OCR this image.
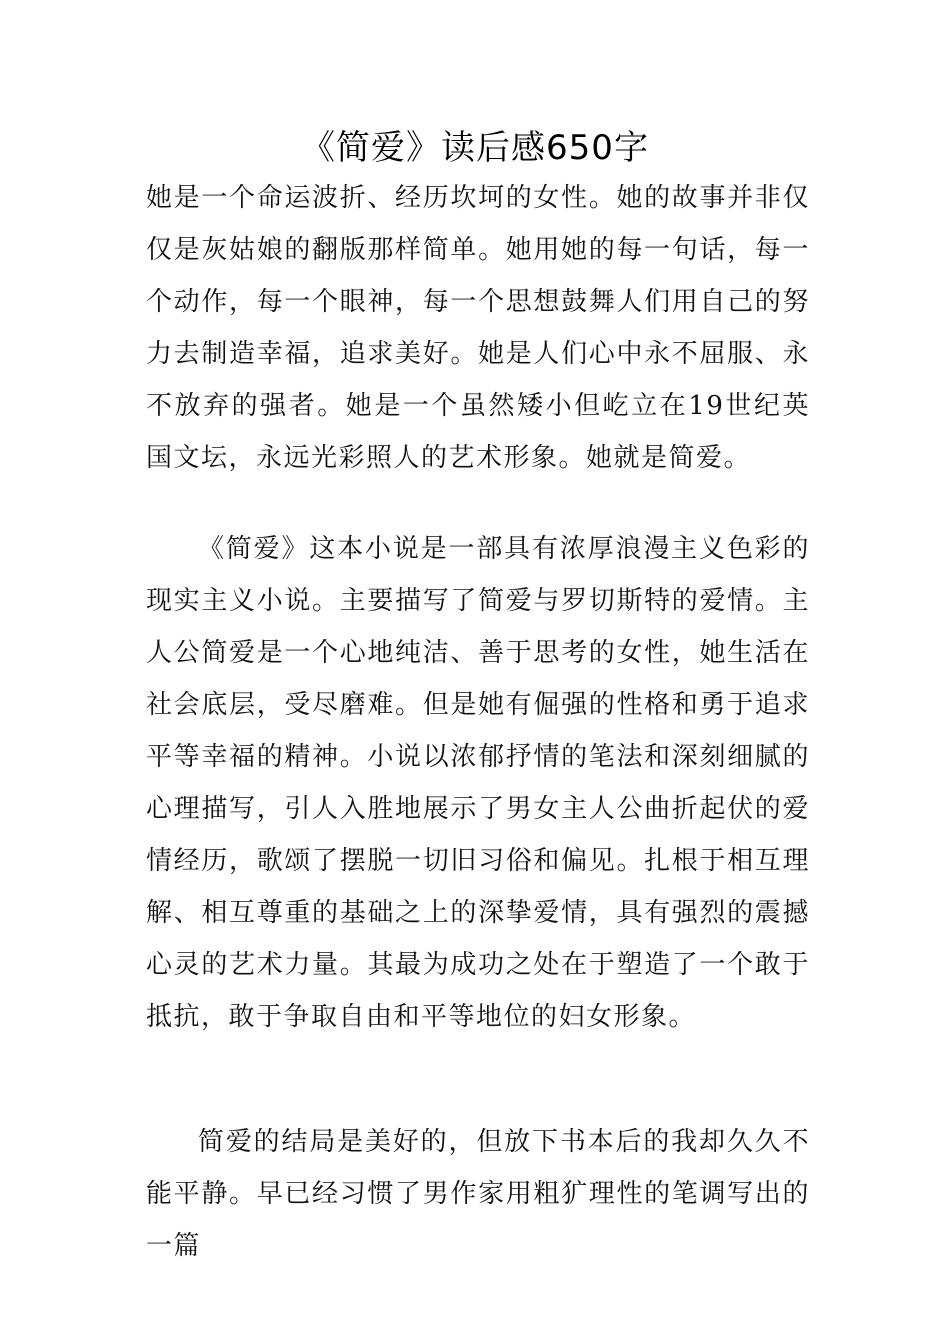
《简爱》读后感650字

她是一个命运波折、经历坎坷的女性。她的故事并非仅仅是灰姑娘的翻版那样简单。她用她的每一句话，每一个动作，每一个眼神，每一个思想鼓舞人们用自己的努力去制造幸福，追求美好。她是人们心中永不屈服、永不放弃的强者。她是一个虽然矮小但屹立在19世纪英国文坛，永远光彩照人的艺术形象。她就是简爱。

《简爱》这本小说是一部具有浓厚浪漫主义色彩的现实主义小说。主要描写了简爱与罗切斯特的爱情。主人公简爱是一个心地纯洁、善于思考的女性，她生活在社会底层，受尽磨难。但是她有倔强的性格和勇于追求平等幸福的精神。小说以浓郁抒情的笔法和深刻细腻的心理描写，引人入胜地展示了男女主人公曲折起伏的爱情经历，歌颂了摆脱一切旧习俗和偏见。扎根于相互理解、相互尊重的基础之上的深挚爱情，具有强烈的震撼心灵的艺术力量。其最为成功之处在于塑造了一个敢于抵抗，敢于争取自由和平等地位的妇女形象。

简爱的结局是美好的，但放下书本后的我却久久不能平静。早已经习惯了男作家用粗犷理性的笔调写出的一篇
